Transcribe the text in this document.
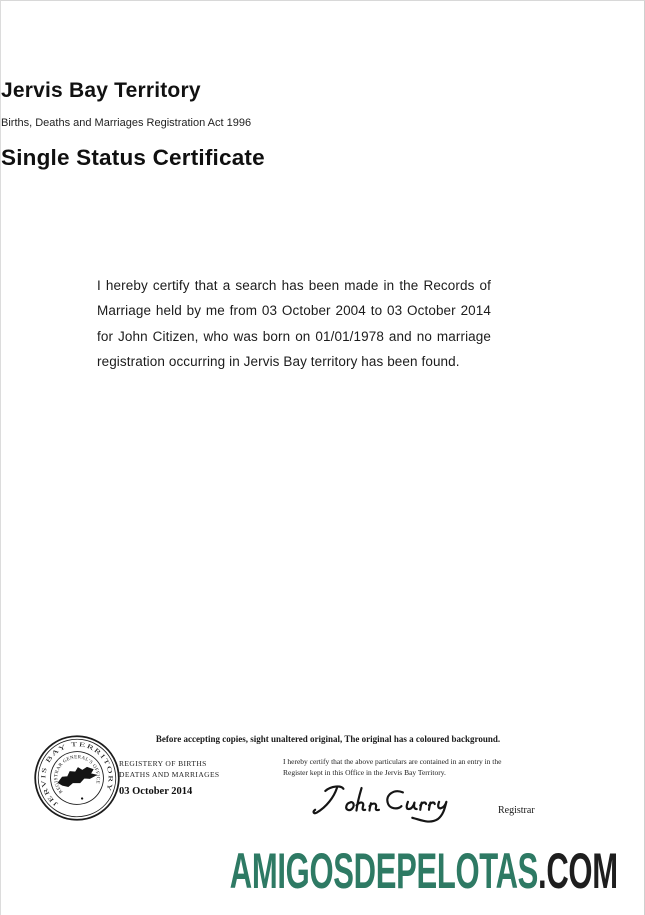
Jervis Bay Territory
Births, Deaths and Marriages Registration Act 1996
Single Status Certificate

I hereby certify that a search has been made in the Records of Marriage held by me from 03 October 2004 to 03 October 2014 for John Citizen, who was born on 01/01/1978 and no marriage registration occurring in Jervis Bay territory has been found.

Before accepting copies, sight unaltered original, The original has a coloured background.
JERVIS BAY TERRITORY
REGISTRAR GENERAL'S OFFICE
REGISTERY OF BIRTHS
DEATHS AND MARRIAGES
03 October 2014
I hereby certify that the above particulars are contained in an entry in the Register kept in this Office in the Jervis Bay Territory.
Registrar
AMIGOSDEPELOTAS.COM
